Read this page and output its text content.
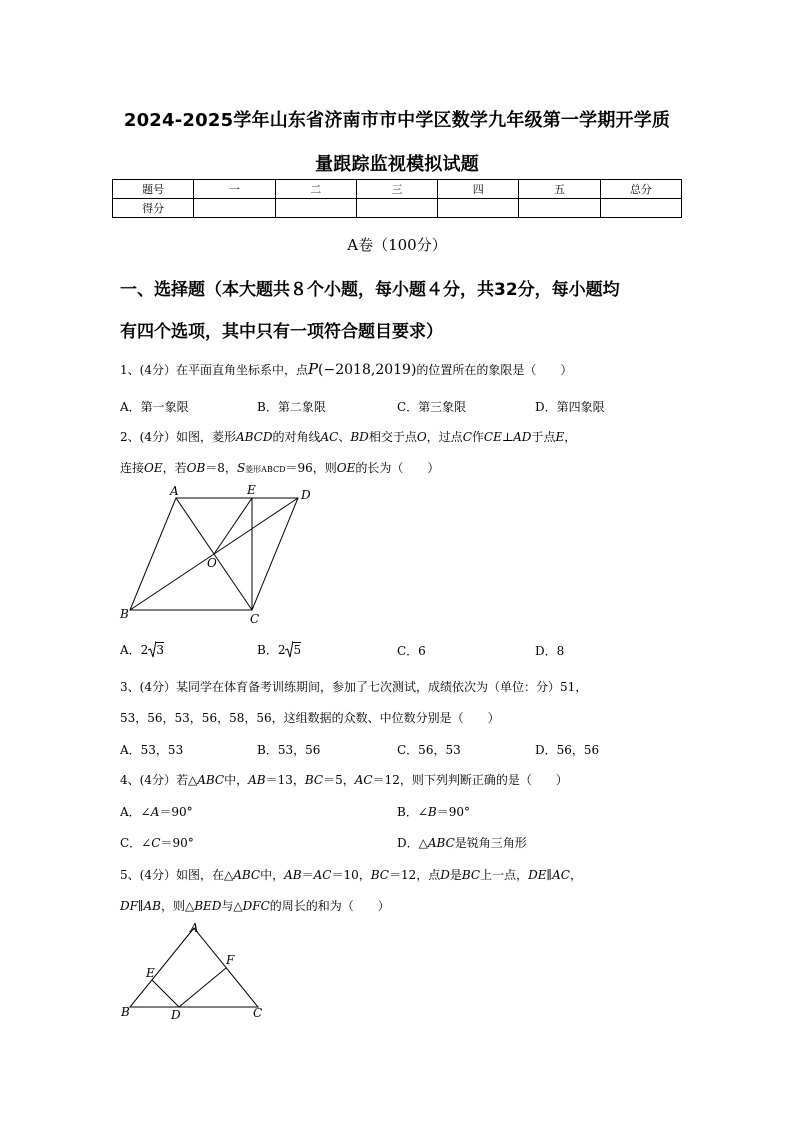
2024-2025学年山东省济南市市中学区数学九年级第一学期开学质
量跟踪监视模拟试题
题号	一	二	三	四	五	总分
得分						
A卷（100分）
一、选择题（本大题共８个小题，每小题４分，共32分，每小题均
有四个选项，其中只有一项符合题目要求）
1、(4分）在平面直角坐标系中，点P(−2018,2019)的位置所在的象限是（　　）
A．第一象限	B．第二象限	C．第三象限	D．第四象限
2、(4分）如图，菱形ABCD的对角线AC、BD相交于点O，过点C作CE⊥AD于点E，
连接OE，若OB＝8，S菱形ABCD＝96，则OE的长为（　　）
A	E	D
O
B	C
A．2 3	B．2 5	C．6	D．8
3、(4分）某同学在体育备考训练期间，参加了七次测试，成绩依次为（单位：分）51，
53，56，53，56，58，56，这组数据的众数、中位数分别是（　　）
A．53，53	B．53，56	C．56，53	D．56，56
4、(4分）若△ABC中，AB＝13，BC＝5，AC＝12，则下列判断正确的是（　　）
A．∠A＝90°	B．∠B＝90°
C．∠C＝90°	D．△ABC是锐角三角形
5、(4分）如图，在△ABC中，AB＝AC＝10，BC＝12，点D是BC上一点，DE∥AC，
DF∥AB，则△BED与△DFC的周长的和为（　　）
A
E
F
B	D	C
